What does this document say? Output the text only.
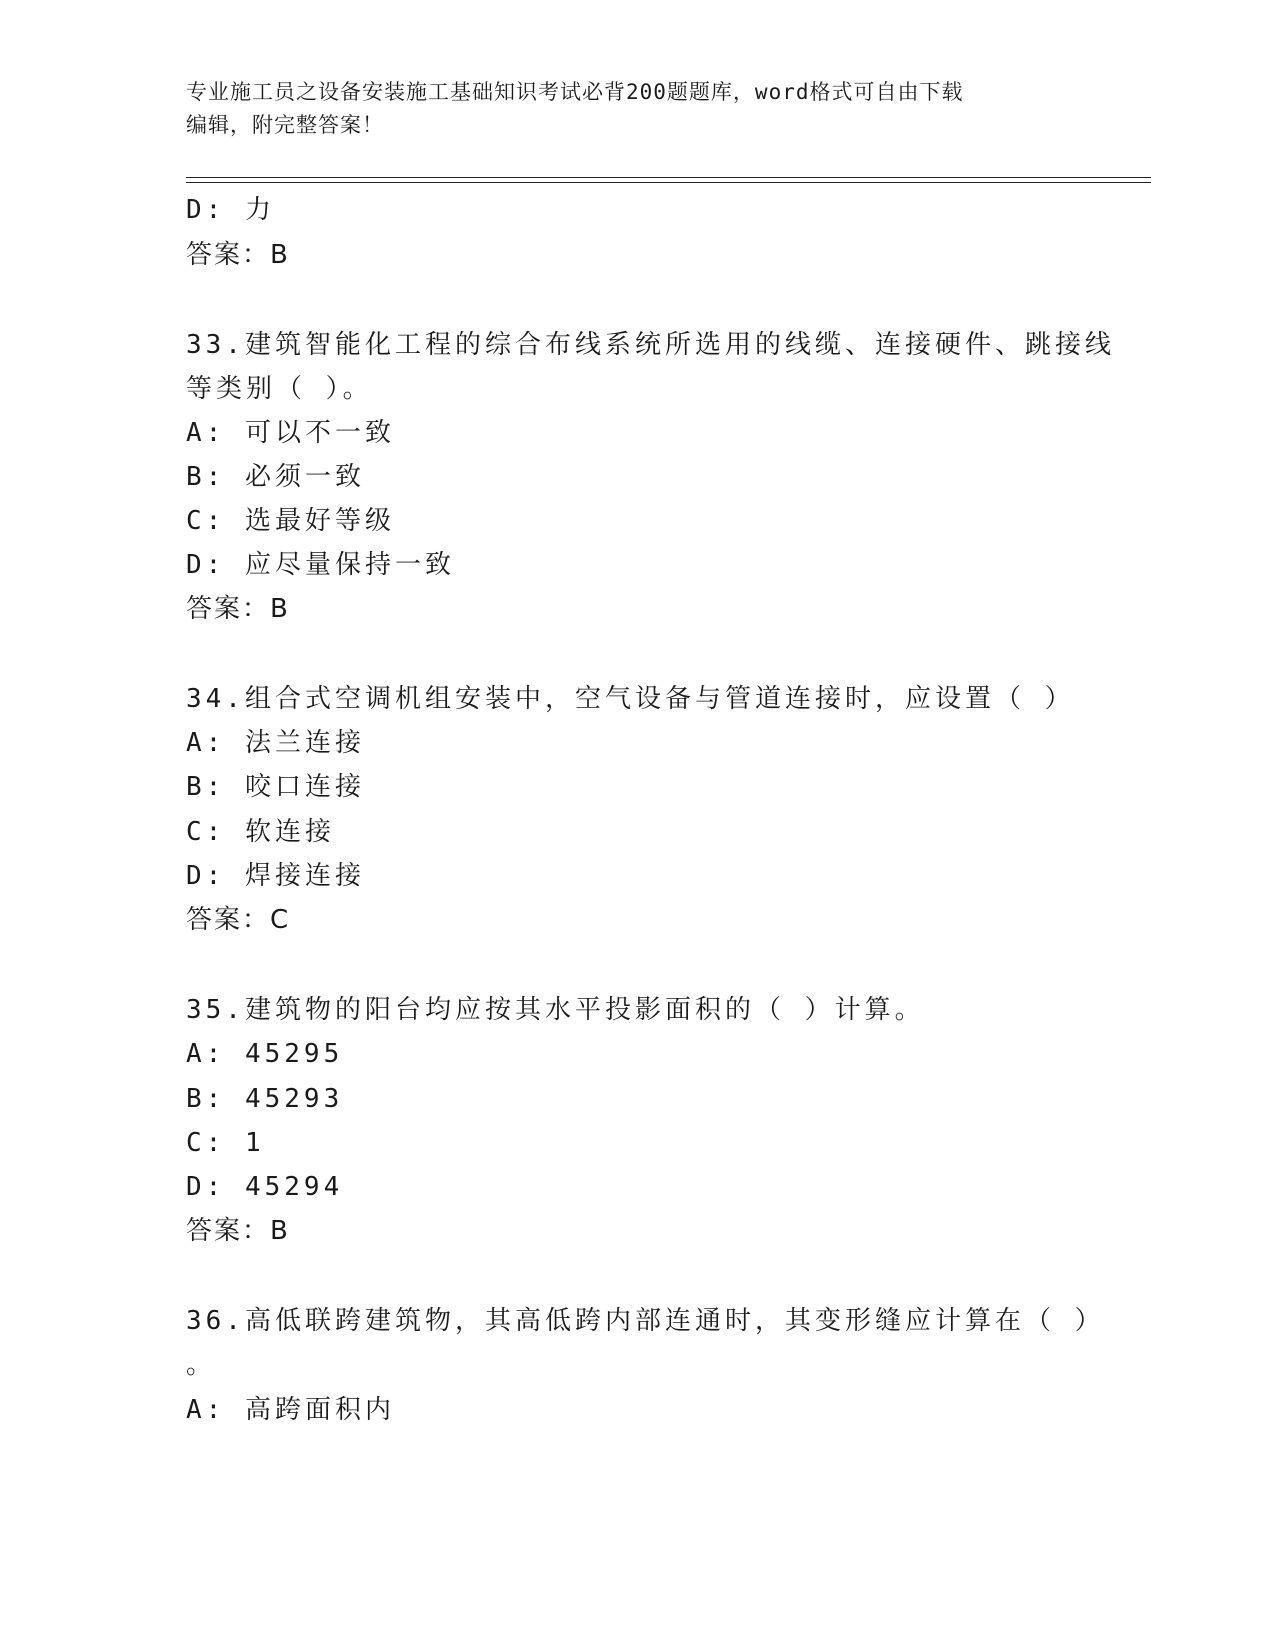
专业施工员之设备安装施工基础知识考试必背200题题库，word格式可自由下载
编辑，附完整答案！
D: 力
答案：B
33.建筑智能化工程的综合布线系统所选用的线缆、连接硬件、跳接线
等类别（ ）。
A: 可以不一致
B: 必须一致
C: 选最好等级
D: 应尽量保持一致
答案：B
34.组合式空调机组安装中，空气设备与管道连接时，应设置（ ）
A: 法兰连接
B: 咬口连接
C: 软连接
D: 焊接连接
答案：C
35.建筑物的阳台均应按其水平投影面积的（ ）计算。
A: 45295
B: 45293
C: 1
D: 45294
答案：B
36.高低联跨建筑物，其高低跨内部连通时，其变形缝应计算在（ ）
。
A: 高跨面积内
